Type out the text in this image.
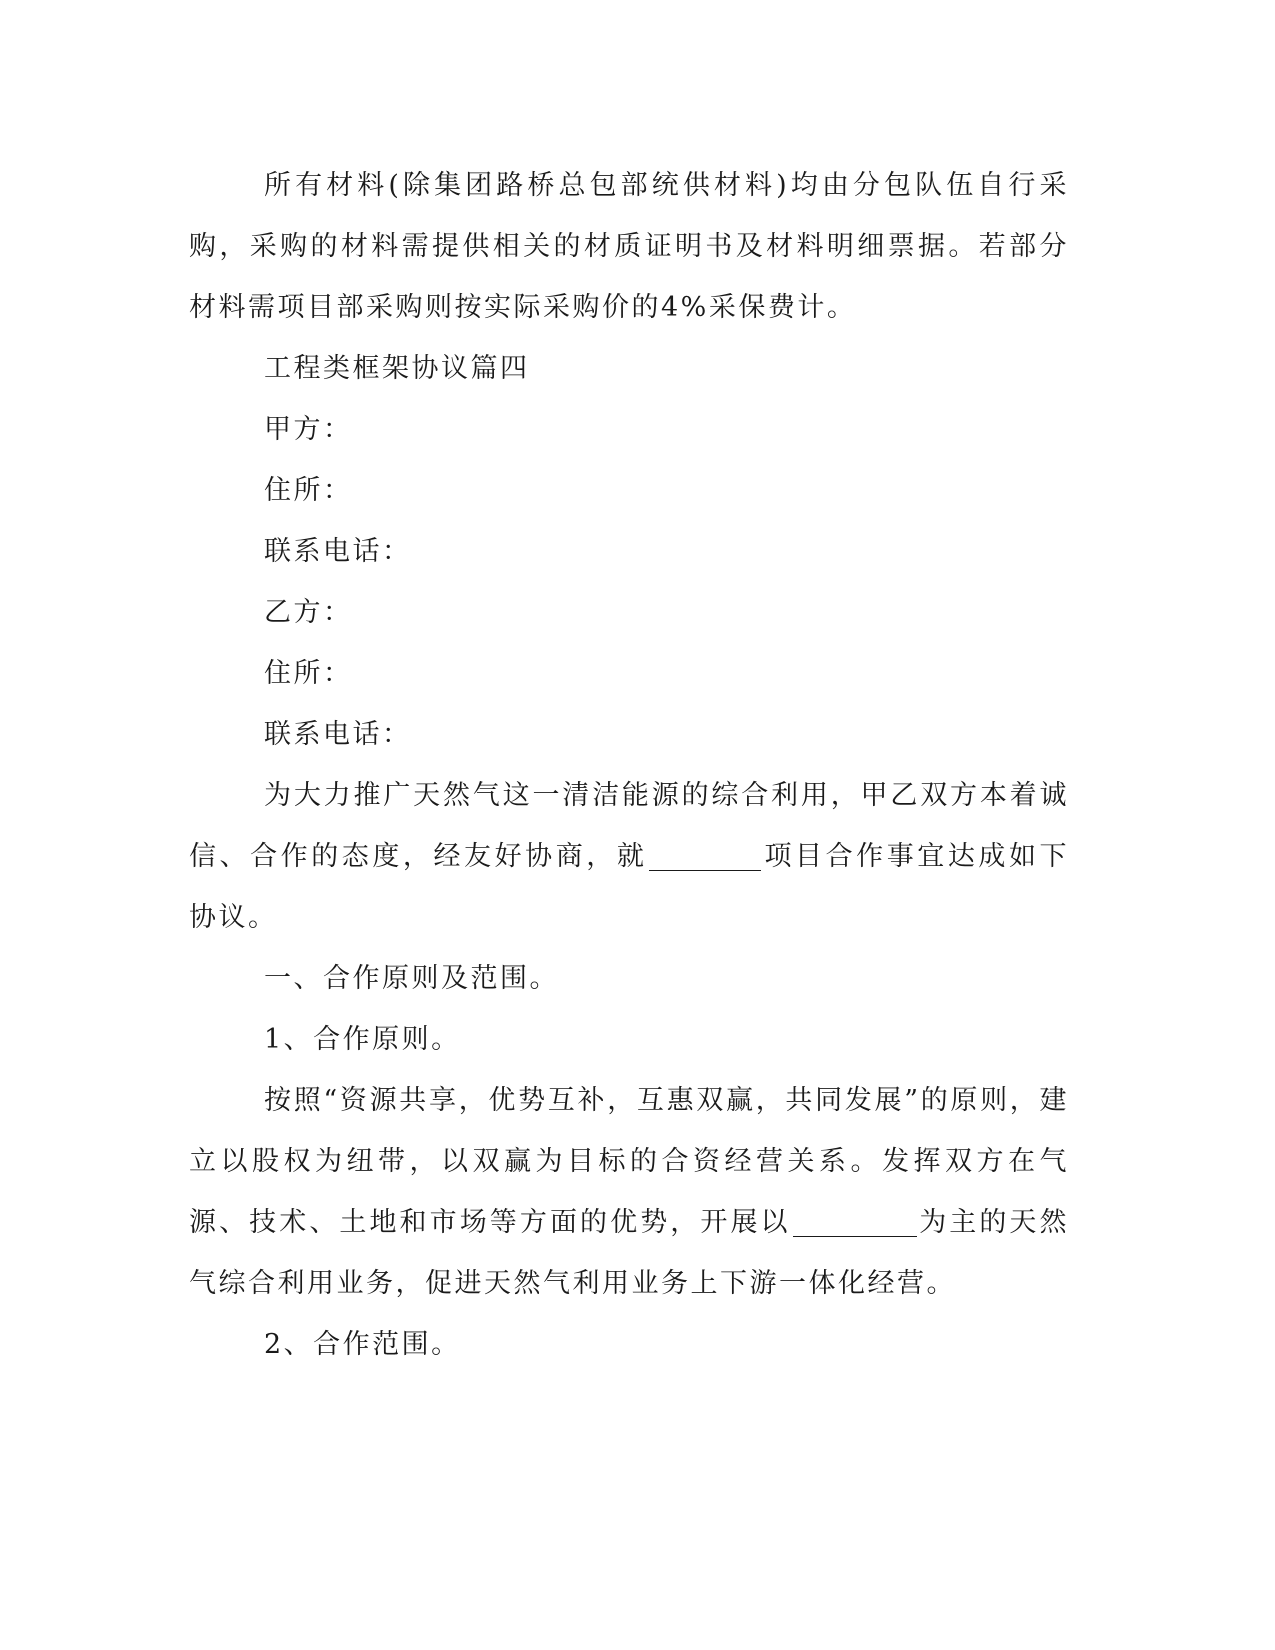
所有材料(除集团路桥总包部统供材料)均由分包队伍自行采购，采购的材料需提供相关的材质证明书及材料明细票据。若部分材料需项目部采购则按实际采购价的4%采保费计。

工程类框架协议篇四

甲方：

住所：

联系电话：

乙方：

住所：

联系电话：

为大力推广天然气这一清洁能源的综合利用，甲乙双方本着诚信、合作的态度，经友好协商，就	项目合作事宜达成如下协议。

一、合作原则及范围。

1、合作原则。

按照“资源共享，优势互补，互惠双赢，共同发展”的原则，建立以股权为纽带，以双赢为目标的合资经营关系。发挥双方在气源、技术、土地和市场等方面的优势，开展以	为主的天然气综合利用业务，促进天然气利用业务上下游一体化经营。

2、合作范围。
